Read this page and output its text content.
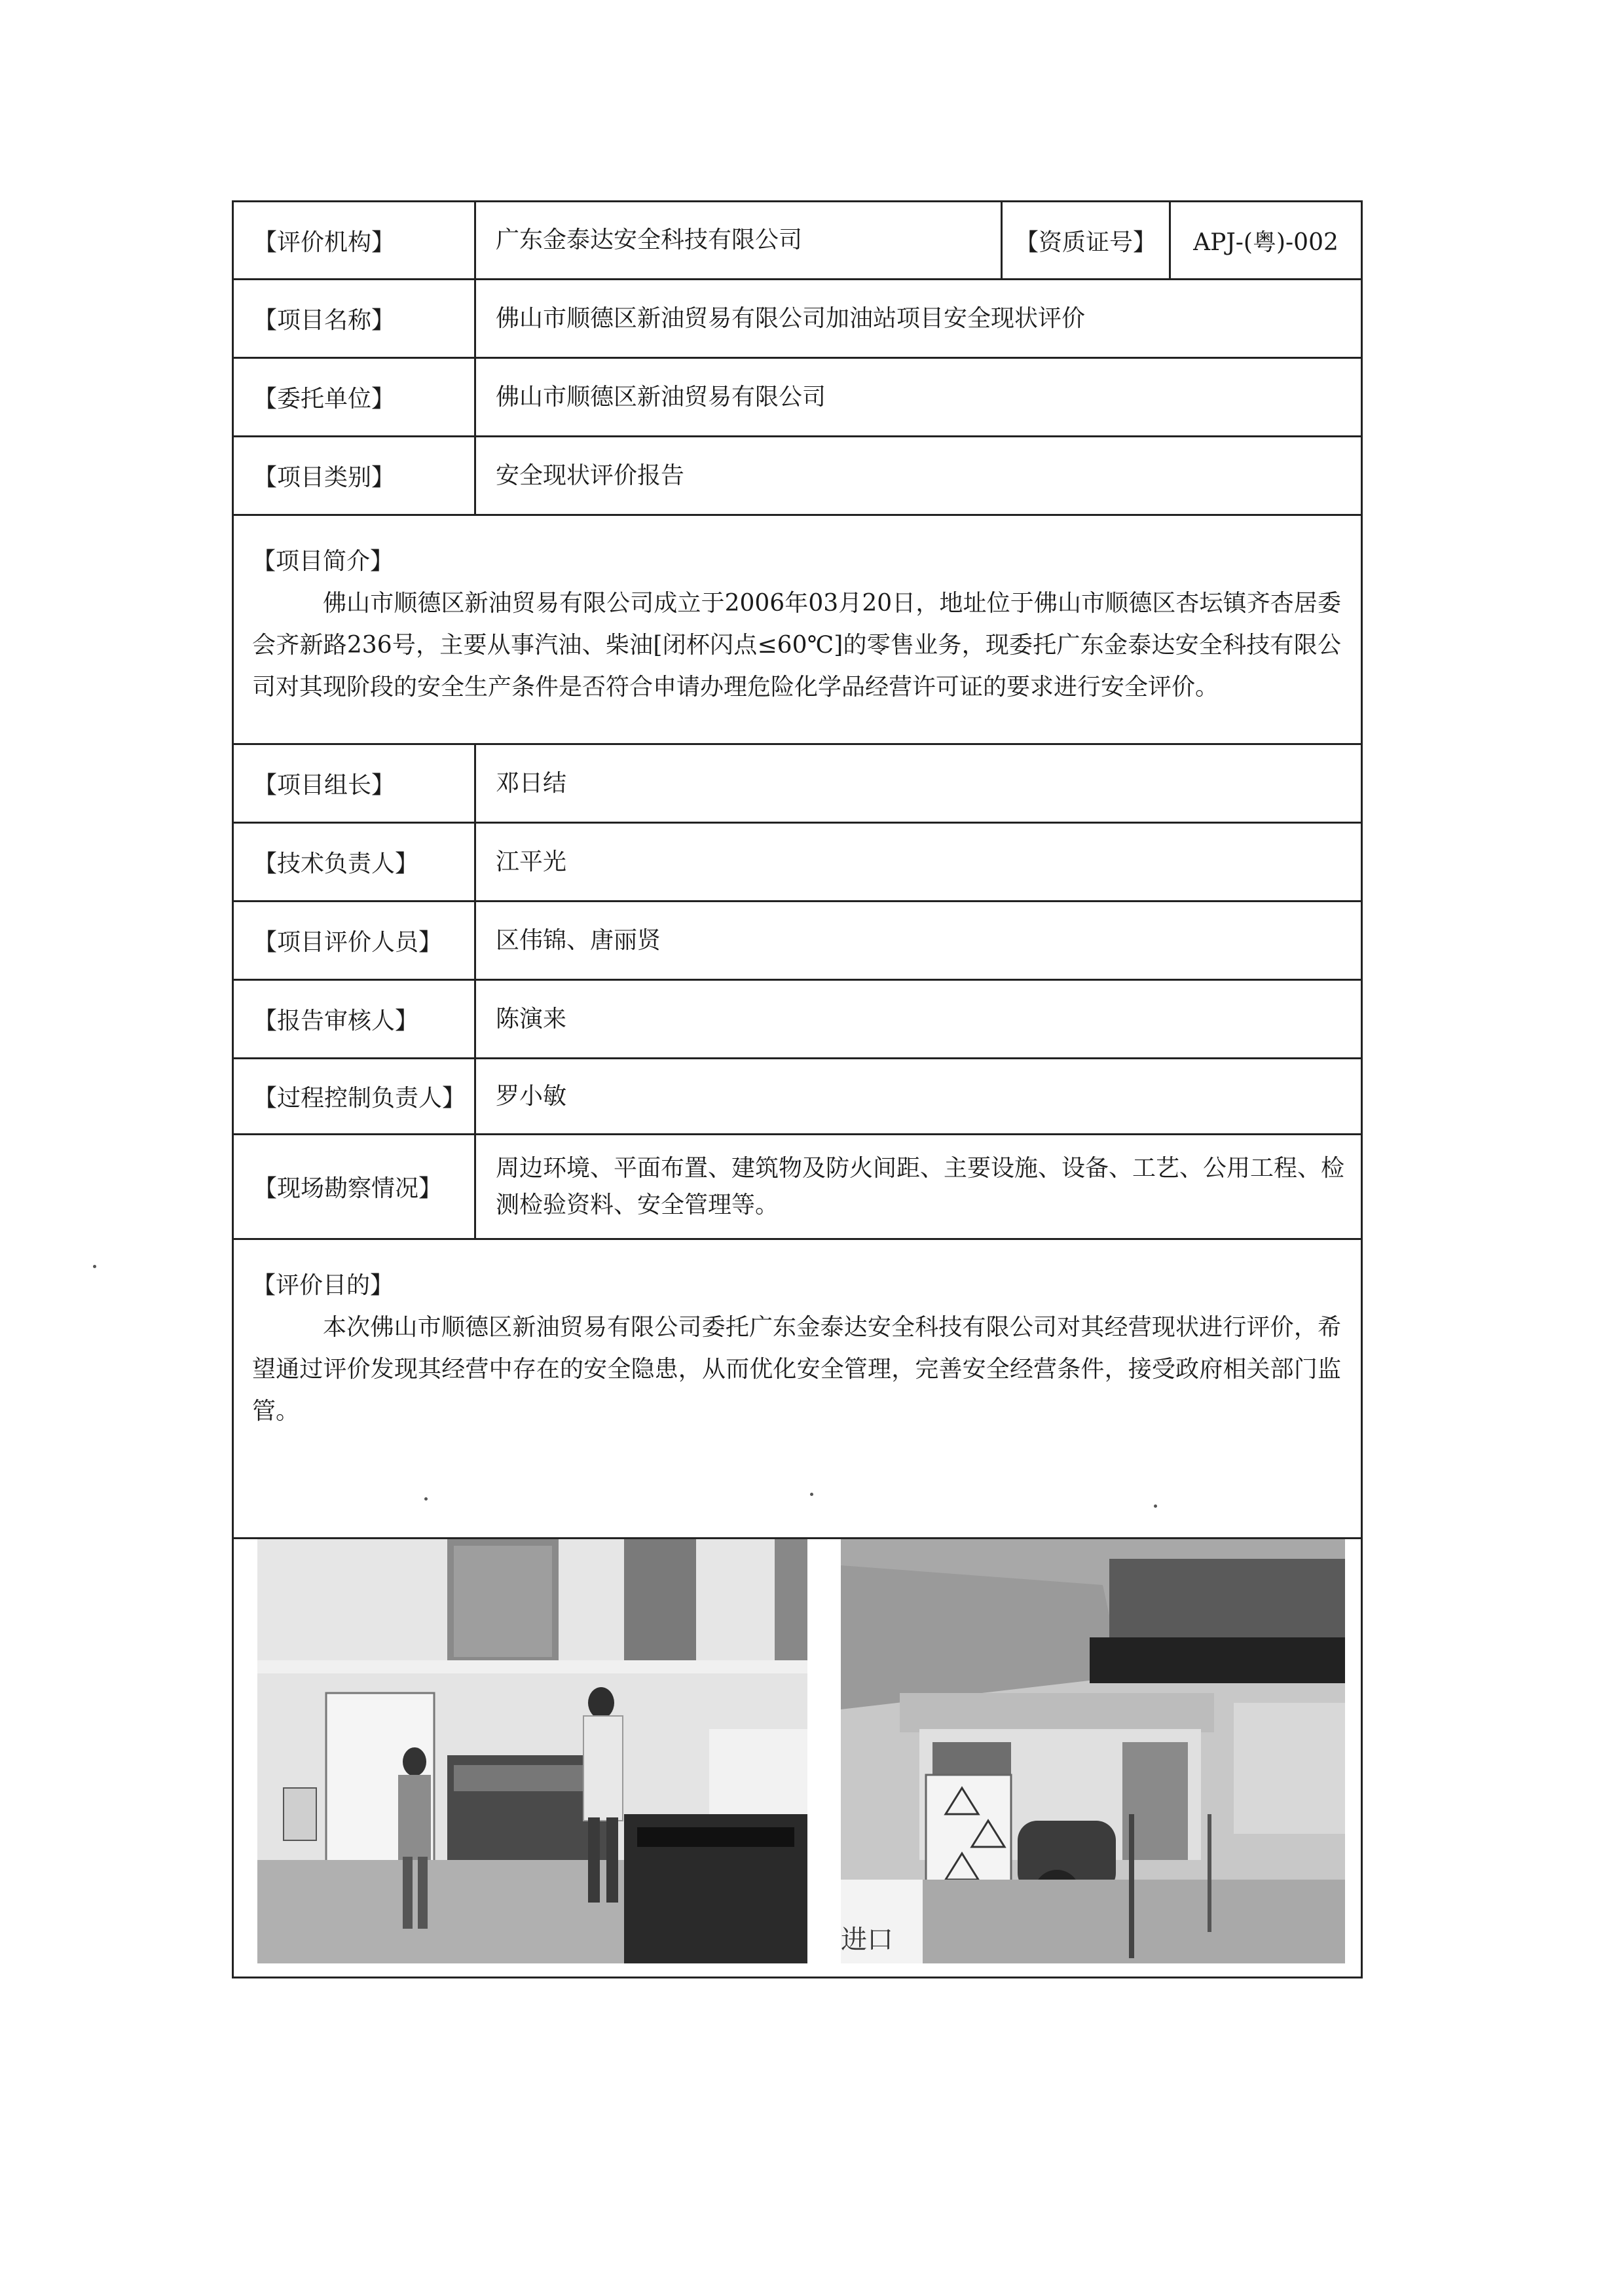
【评价机构】	广东金泰达安全科技有限公司	【资质证号】	APJ-(粤)-002
【项目名称】	佛山市顺德区新油贸易有限公司加油站项目安全现状评价
【委托单位】	佛山市顺德区新油贸易有限公司
【项目类别】	安全现状评价报告
【项目简介】

佛山市顺德区新油贸易有限公司成立于2006年03月20日，地址位于佛山市顺德区杏坛镇齐杏居委会齐新路236号，主要从事汽油、柴油[闭杯闪点≤60℃]的零售业务，现委托广东金泰达安全科技有限公司对其现阶段的安全生产条件是否符合申请办理危险化学品经营许可证的要求进行安全评价。

【项目组长】	邓日结
【技术负责人】	江平光
【项目评价人员】	区伟锦、唐丽贤
【报告审核人】	陈演来
【过程控制负责人】	罗小敏
【现场勘察情况】
周边环境、平面布置、建筑物及防火间距、主要设施、设备、工艺、公用工程、检测检验资料、安全管理等。
【评价目的】

本次佛山市顺德区新油贸易有限公司委托广东金泰达安全科技有限公司对其经营现状进行评价，希望通过评价发现其经营中存在的安全隐患，从而优化安全管理，完善安全经营条件，接受政府相关部门监管。

进口
